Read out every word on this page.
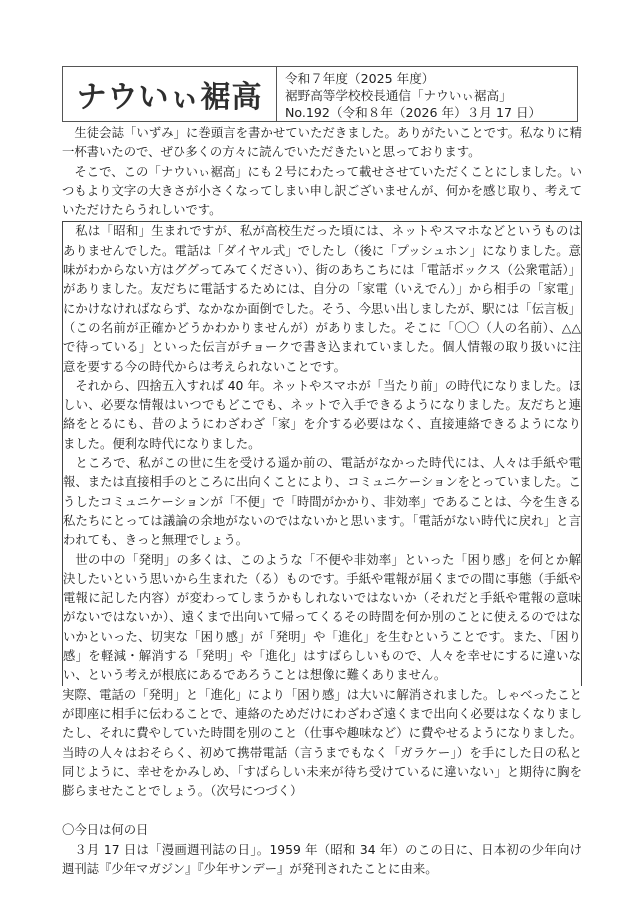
ナウいぃ裾高
令和７年度（2025 年度）
裾野高等学校校長通信「ナウいぃ裾高」
No.192（令和８年（2026 年）３月 17 日）

生徒会誌「いずみ」に巻頭言を書かせていただきました。ありがたいことです。私なりに精一杯書いたので、ぜひ多くの方々に読んでいただきたいと思っております。

そこで、この「ナウいぃ裾高」にも２号にわたって載せさせていただくことにしました。いつもより文字の大きさが小さくなってしまい申し訳ございませんが、何かを感じ取り、考えていただけたらうれしいです。

私は「昭和」生まれですが、私が高校生だった頃には、ネットやスマホなどというものはありませんでした。電話は「ダイヤル式」でしたし（後に「プッシュホン」になりました。意味がわからない方はググってみてください）、街のあちこちには「電話ボックス（公衆電話）」がありました。友だちに電話するためには、自分の「家電（いえでん）」から相手の「家電」にかけなければならず、なかなか面倒でした。そう、今思い出しましたが、駅には「伝言板」（この名前が正確かどうかわかりませんが）がありました。そこに「〇〇（人の名前）、△△で待っている」といった伝言がチョークで書き込まれていました。個人情報の取り扱いに注意を要する今の時代からは考えられないことです。

それから、四捨五入すれば 40 年。ネットやスマホが「当たり前」の時代になりました。ほしい、必要な情報はいつでもどこでも、ネットで入手できるようになりました。友だちと連絡をとるにも、昔のようにわざわざ「家」を介する必要はなく、直接連絡できるようになりました。便利な時代になりました。

ところで、私がこの世に生を受ける遥か前の、電話がなかった時代には、人々は手紙や電報、または直接相手のところに出向くことにより、コミュニケーションをとっていました。こうしたコミュニケーションが「不便」で「時間がかかり、非効率」であることは、今を生きる私たちにとっては議論の余地がないのではないかと思います。「電話がない時代に戻れ」と言われても、きっと無理でしょう。

世の中の「発明」の多くは、このような「不便や非効率」といった「困り感」を何とか解決したいという思いから生まれた（る）ものです。手紙や電報が届くまでの間に事態（手紙や電報に記した内容）が変わってしまうかもしれないではないか（それだと手紙や電報の意味がないではないか）、遠くまで出向いて帰ってくるその時間を何か別のことに使えるのではないかといった、切実な「困り感」が「発明」や「進化」を生むということです。また、「困り感」を軽減・解消する「発明」や「進化」はすばらしいもので、人々を幸せにするに違いない、という考えが根底にあるであろうことは想像に難くありません。

実際、電話の「発明」と「進化」により「困り感」は大いに解消されました。しゃべったことが即座に相手に伝わることで、連絡のためだけにわざわざ遠くまで出向く必要はなくなりましたし、それに費やしていた時間を別のこと（仕事や趣味など）に費やせるようになりました。当時の人々はおそらく、初めて携帯電話（言うまでもなく「ガラケー」）を手にした日の私と同じように、幸せをかみしめ、「すばらしい未来が待ち受けているに違いない」と期待に胸を膨らませたことでしょう。（次号につづく）

〇今日は何の日

３月 17 日は「漫画週刊誌の日」。1959 年（昭和 34 年）のこの日に、日本初の少年向け週刊誌『少年マガジン』『少年サンデー』が発刊されたことに由来。
